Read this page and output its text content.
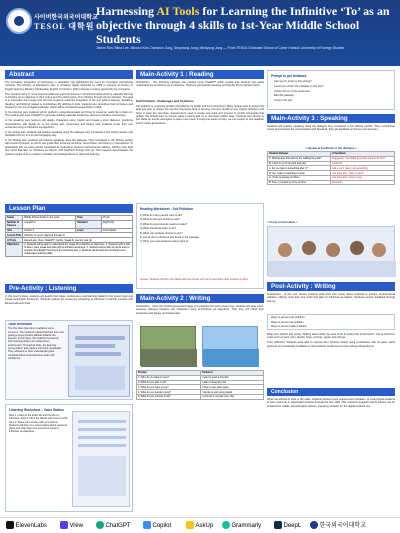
사이버한국외국어대학교
TESOL 대학원
Harnessing AI Tools for Learning the Infinitive ‘To’ as an objective through 4 skills to 1st-Year Middle School Students
Jiseon Kim, Bitna Lee, Minseo Kim, Daeseon Jung, Seoyeong Jung, Minkyung Jung — From TESOL Graduate School of Cyber Hankuk University of Foreign Studies
Abstract

The increasing integration of technology in education has highlighted the need for innovative instructional methods. The Ministry of Education's plan to introduce digital textbooks by 2025 to enhance AI literacy in English learning. Ministry of Education English Curriculum, 2022 presents a unique opportunity for innovation.

This research aims to move beyond traditional grammar lessons in structured classrooms by naturally learning to-infinitive as an objective in their output and the performance of to-infinitive through AI tool activities. The goal is to internalize their usage and promote students' authentic integration of the four skills (Listening, Speaking, Reading, and Writing) related to to-infinitives. By utilizing AI tools, students can strengthen their AI literacy and prepare for the era of digital textbooks, which will be introduced sequentially in 2025.

In the listening part, students will be guided in using ElevenLabs and Vrew to create an audio file to listen on. The reading part uses ChatGPT to generate reading materials containing various to-infinitive expressions.

In the speaking part, learners will design characters using Copilot and create a short dialogue, practicing conversations with Speak AI. In the writing part, Grammarly and DeepL help students revise their own sentences using to-infinitives as objectives.

In the writing part, students will practice speaking using the dialogue they completed in the writing section with feedback from AI, in a fun and engaging way.

In the Writing part, students will practice speaking using the dialogue. They completed in the Writing section with Gemini Prompts, so the AI can guide their sentence structure, word choice, and fluency in discussions. To accomplish this, an essay will be completed as methods to prevent environmental pollution, utilizing more than four verbs that take 'to' infinitives as objects, with feedback through Ask Up. This research demonstrates the positive impact of AI on student motivation and independence in grammar learning.

Lesson Plan
Grade	Middle School Grade 1 (1st year)	Time	45 min
Number of Classes	4 sessions	Standard	[9영01-01]
Unit	Lesson 4	Level	Intermediate
Lesson Title	Infinitive 'to' as an objective through AI		
AI Tools	ElevenLabs, Vrew, ChatGPT, Copilot, Speak AI, Gemini, Ask Up		
Objectives	1. Students will be able to understand the usage of to-infinitive as objectives. 2. Students will be able to listen, read, speak and write with to-infinitive sentences. 3. Students will be able to use AI tools to improve their English learning in an interactive way. 4. Students will develop their AI literacy and independent learning skills.		
Pre-Activity : Listening

In this one-5 minute, students will search their ideas, preferences, and learning related to the lesson topic and create meaningful sentences. Students explore the sentences containing to-infinitives in real-life contexts with ElevenLabs and Vrew.

Tutor Reflection
The first class plan aims to address some concerns. The students noticed that their tone was getting a more positive attitude towards the lessons. In this class, the students focused on their listening skills in an audio-driven environment. Through AI tools, the listening concentration and practice improved remarkably. They reflected on their understanding and completed their comprehension tasks with confidence.
Listening Worksheet – Voice Station
Step 1: Listen to the audio file and find the to-infinitives. Step 2: Fill in the blanks with correct verbs. Step 3: Share your answer with your partner. Students will listen to a conversation about weekend plans and write down five sentences using to-infinitives as objectives.
Main-Activity 1 : Reading

Introduction - The following passage was created using ChatGPT which reveals that students can easily understand the to-infinitive as an objective. Students will read the passage and identify the to-infinitive forms.

Soil Pollution: Challenges and Solutions

Soil pollution is a growing problem that affects our health and the environment. Many people want to protect the land and plan to reduce the harmful chemicals used in farming. Farmers decide to use organic fertilizers and hope to keep the soil clean. Governments need to create new rules and promise to punish companies that pollute. We should learn to recycle waste properly and try to use fewer plastic bags. Students can choose to join clean-up events and agree to plant more trees. If everyone wants to help, we can expect to see healthier soil for future generations.

Reading Worksheet - Soil Pollution
1) What do many people want to do?
2) What do farmers decide to use?
3) What do governments need to create?
4) What should we learn to do?
5) What can students choose to join?
6) List all the to-infinitives you found in the passage.
7) Write your own sentence using 'want to'.
Answer: Students will fill in the blanks with the correct verb forms and share their answers in pairs.
Main-Activity 2 : Writing

Introduction - Using the Copilot-generated images of a polluted river and a clean river, students will write a five-sentence dialogue between two characters using to-infinitives as objectives. Then they will check their sentences with DeepL and Grammarly.

Prompt	Sentence
1. Who do you want to meet?	I want to meet a scientist.
2. What do you plan to do?	I plan to clean the river.
3. What do you hope to see?	I hope to see clean water.
4. What do you decide to stop?	I decide to stop using plastic.
5. What do you promise to do?	I promise to recycle every day.
Prompt to get feedback
Can you fix errors in this writing?
Could you correct the mistakes in this text?
Correct errors in the sentences.
Edit this passage.
Correct this text.
Main-Activity 3 : Speaking

Students will practice speaking using the dialogue they completed in the Writing section. They record their voices and compare the pronunciation with Speak AI, then get feedback on fluency and accuracy.

< Review & Feedback of the dialogue >
Student dialogue	AI feedback
A: What people first want to do, walking the park?	Suggestion: Use 'What do people want to do first?'
B: I want to go to the park and play.	Great job!
A: Do you plan to something after it?	Add a verb: 'plan to do something'
B: Yes, I plan to watching a movie.	Use base form: 'plan to watch'
A: I hope to seeing you there.	Use base form: 'hope to see'
B: Sure, I promise to come on time.	Excellent!
< Circle conversation >
Post-Activity : Writing

Introduction - In this one, lesson students write their own essay about methods to prevent environmental pollution, utilizing more than four verbs that take 'to' infinitives as objects. Students receive feedback through Ask Up.

Ways to prevent soil pollution
Ways to prevent air pollution
Ways to prevent water pollution

Write your opinion and essay, thinking about what you want to do to protect the environment. Use at least four verbs such as want, plan, decide, hope, promise, agree, and choose.

Tutor reflection: Students were able to express their opinions clearly using to-infinitives. Ask Up gave useful grammar and vocabulary feedback so that students could improve their writing independently.

Conclusion

When we utilized AI tools in the class, students showed more interest and motivation. AI tools helped students to learn grammar in meaningful contexts through the four skills. This research suggests that AI literacy can be enhanced in middle school English classes, preparing students for the digital textbook era.

ElevenLabs	Vrew	ChatGPT	Copilot	AskUp	Grammarly	DeepL	한국외국어대학교
